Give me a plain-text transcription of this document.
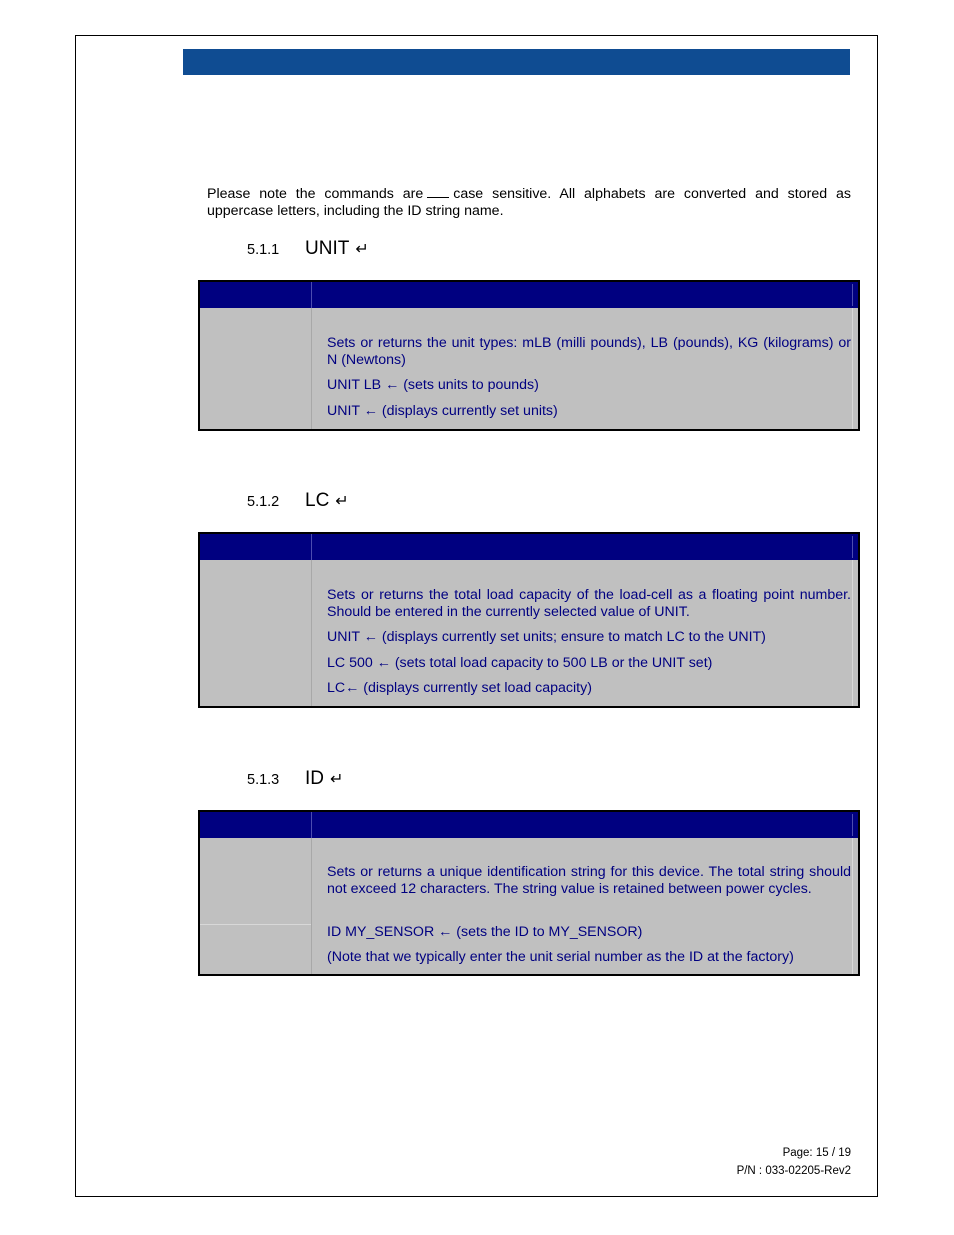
Please note the commands are case sensitive. All alphabets are converted and stored as uppercase letters, including the ID string name.
5.1.1 UNIT ↵

Sets or returns the unit types: mLB (milli pounds), LB (pounds), KG (kilograms) or N (Newtons)

UNIT LB ← (sets units to pounds)

UNIT ← (displays currently set units)

5.1.2 LC ↵

Sets or returns the total load capacity of the load-cell as a floating point number. Should be entered in the currently selected value of UNIT.

UNIT ← (displays currently set units; ensure to match LC to the UNIT)

LC 500 ← (sets total load capacity to 500 LB or the UNIT set)

LC← (displays currently set load capacity)

5.1.3 ID ↵

Sets or returns a unique identification string for this device. The total string should not exceed 12 characters. The string value is retained between power cycles.

ID MY_SENSOR ← (sets the ID to MY_SENSOR)

(Note that we typically enter the unit serial number as the ID at the factory)

Page: 15 / 19
P/N : 033-02205-Rev2
